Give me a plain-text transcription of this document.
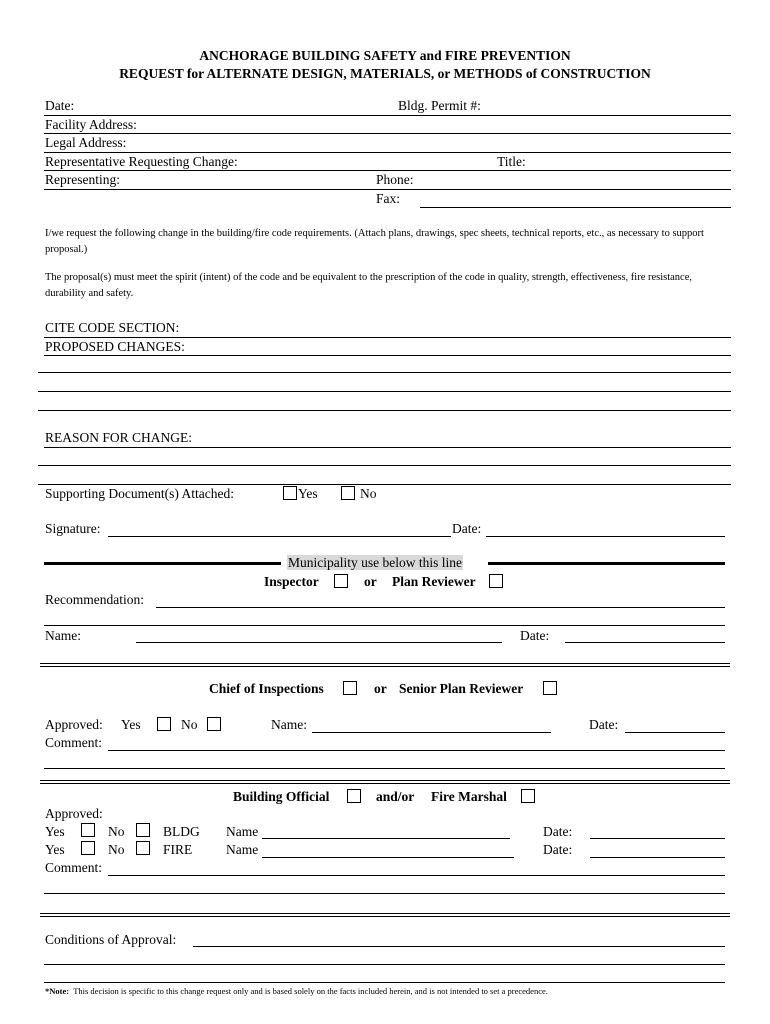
ANCHORAGE BUILDING SAFETY and FIRE PREVENTION
REQUEST for ALTERNATE DESIGN, MATERIALS, or METHODS of CONSTRUCTION
Date:	Bldg. Permit #:
Facility Address:
Legal Address:
Representative Requesting Change:	Title:
Representing:	Phone:
Fax:
I/we request the following change in the building/fire code requirements. (Attach plans, drawings, spec sheets, technical reports, etc., as necessary to support proposal.)
The proposal(s) must meet the spirit (intent) of the code and be equivalent to the prescription of the code in quality, strength, effectiveness, fire resistance, durability and safety.
CITE CODE SECTION:
PROPOSED CHANGES:
REASON FOR CHANGE:
Supporting Document(s) Attached:	Yes	No
Signature:	Date:
Municipality use below this line
Inspector	or Plan Reviewer
Recommendation:
Name:	Date:
Chief of Inspections	or Senior Plan Reviewer
Approved: Yes	No	Name:	Date:
Comment:
Building Official	and/or Fire Marshal
Approved:
Yes	No	BLDG Name	Date:
Yes	No	FIRE Name	Date:
Comment:
Conditions of Approval:
*Note: This decision is specific to this change request only and is based solely on the facts included herein, and is not intended to set a precedence.
